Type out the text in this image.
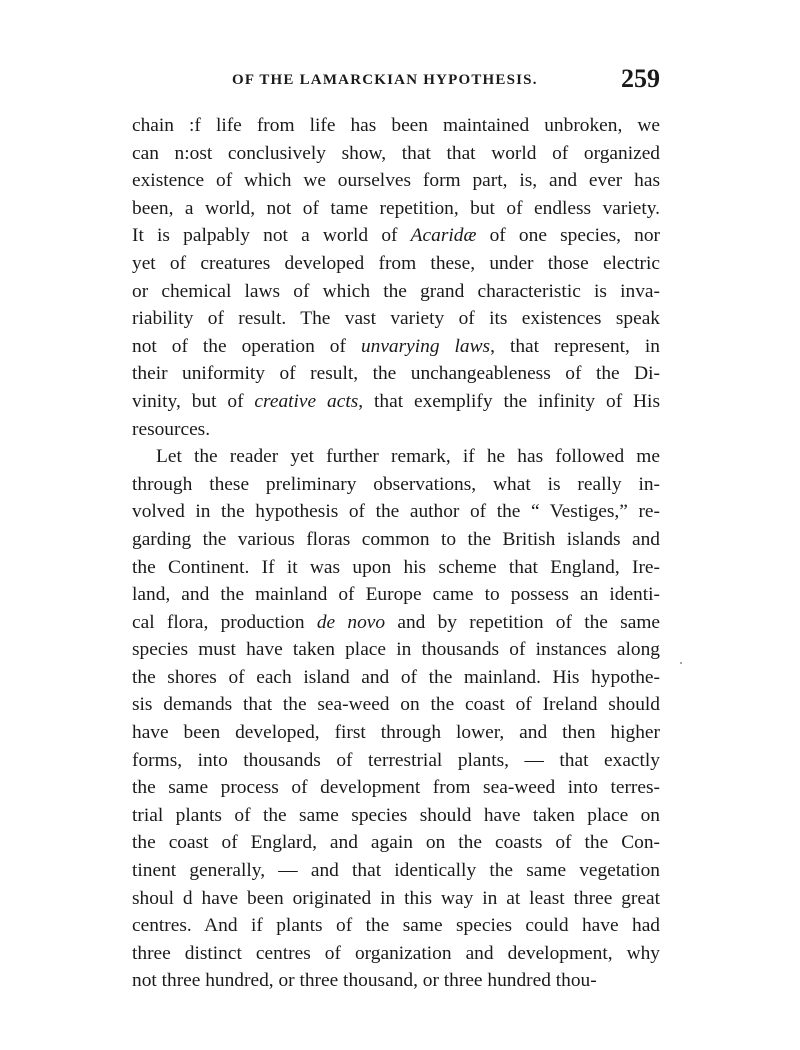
OF THE LAMARCKIAN HYPOTHESIS.	259

chain :f life from life has been maintained unbroken, we
can n:ost conclusively show, that that world of organized
existence of which we ourselves form part, is, and ever has
been, a world, not of tame repetition, but of endless variety.
It is palpably not a world of Acaridæ of one species, nor
yet of creatures developed from these, under those electric
or chemical laws of which the grand characteristic is inva-
riability of result. The vast variety of its existences speak
not of the operation of unvarying laws, that represent, in
their uniformity of result, the unchangeableness of the Di-
vinity, but of creative acts, that exemplify the infinity of His
resources.

Let the reader yet further remark, if he has followed me
through these preliminary observations, what is really in-
volved in the hypothesis of the author of the “ Vestiges,” re-
garding the various floras common to the British islands and
the Continent. If it was upon his scheme that England, Ire-
land, and the mainland of Europe came to possess an identi-
cal flora, production de novo and by repetition of the same
species must have taken place in thousands of instances along
the shores of each island and of the mainland. His hypothe-
sis demands that the sea-weed on the coast of Ireland should
have been developed, first through lower, and then higher
forms, into thousands of terrestrial plants, — that exactly
the same process of development from sea-weed into terres-
trial plants of the same species should have taken place on
the coast of Englard, and again on the coasts of the Con-
tinent generally, — and that identically the same vegetation
shoul d have been originated in this way in at least three great
centres. And if plants of the same species could have had
three distinct centres of organization and development, why
not three hundred, or three thousand, or three hundred thou-
